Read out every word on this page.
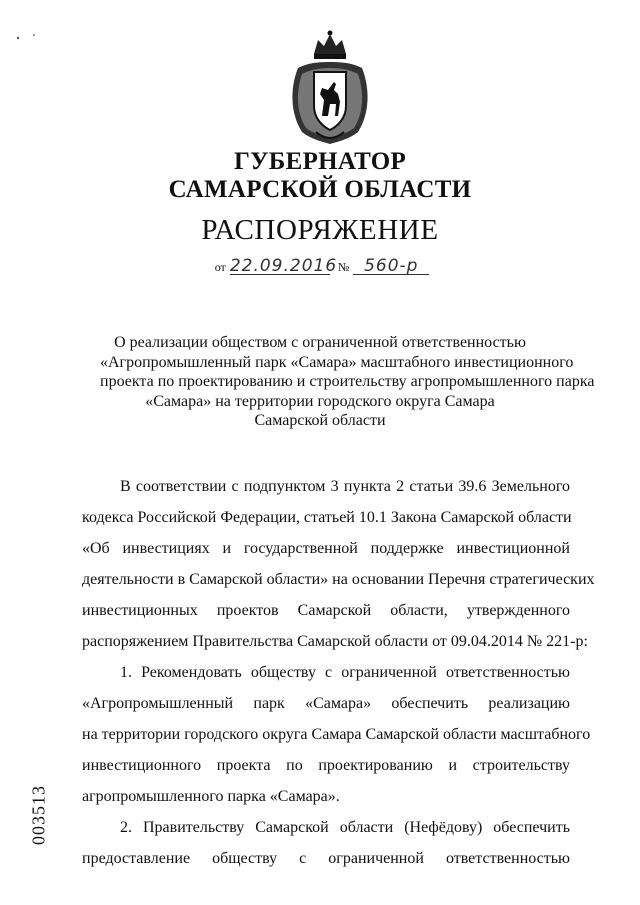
ГУБЕРНАТОР
САМАРСКОЙ ОБЛАСТИ
РАСПОРЯЖЕНИЕ
от 22.09.2016№ 560-р
О реализации обществом с ограниченной ответственностью
«Агропромышленный парк «Самара» масштабного инвестиционного
проекта по проектированию и строительству агропромышленного парка
«Самара» на территории городского округа Самара
Самарской области
В соответствии с подпунктом 3 пункта 2 статьи 39.6 Земельного
кодекса Российской Федерации, статьей 10.1 Закона Самарской области
«Об инвестициях и государственной поддержке инвестиционной
деятельности в Самарской области» на основании Перечня стратегических
инвестиционных проектов Самарской области, утвержденного
распоряжением Правительства Самарской области от 09.04.2014 № 221-р:
1. Рекомендовать обществу с ограниченной ответственностью
«Агропромышленный парк «Самара» обеспечить реализацию
на территории городского округа Самара Самарской области масштабного
инвестиционного проекта по проектированию и строительству
агропромышленного парка «Самара».
2. Правительству Самарской области (Нефёдову) обеспечить
предоставление обществу с ограниченной ответственностью
003513
